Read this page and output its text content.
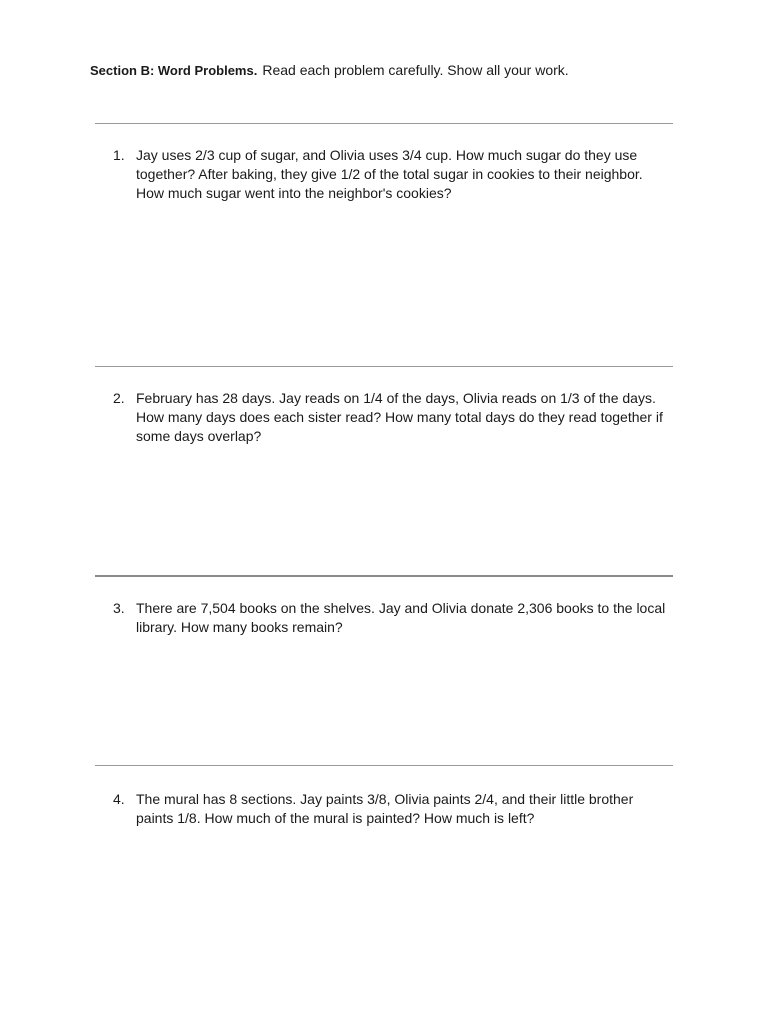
Section B: Word Problems. Read each problem carefully. Show all your work.
1. Jay uses 2/3 cup of sugar, and Olivia uses 3/4 cup. How much sugar do they use together? After baking, they give 1/2 of the total sugar in cookies to their neighbor. How much sugar went into the neighbor's cookies?
2. February has 28 days. Jay reads on 1/4 of the days, Olivia reads on 1/3 of the days. How many days does each sister read? How many total days do they read together if some days overlap?
3. There are 7,504 books on the shelves. Jay and Olivia donate 2,306 books to the local library. How many books remain?
4. The mural has 8 sections. Jay paints 3/8, Olivia paints 2/4, and their little brother paints 1/8. How much of the mural is painted? How much is left?
